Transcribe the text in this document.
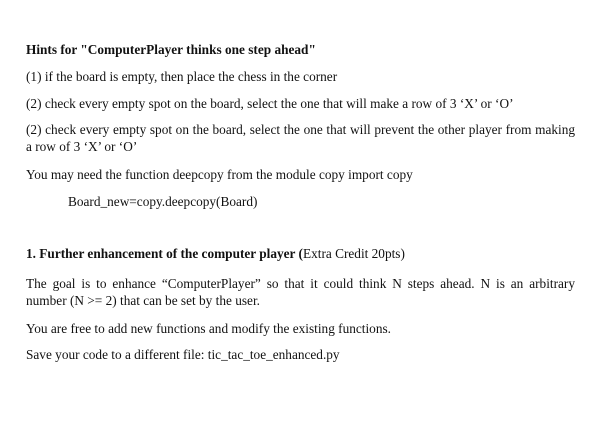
Hints for "ComputerPlayer thinks one step ahead"
(1) if the board is empty, then place the chess in the corner
(2) check every empty spot on the board, select the one that will make a row of 3 ‘X’ or ‘O’
(2) check every empty spot on the board, select the one that will prevent the other player from making a row of 3 ‘X’ or ‘O’
You may need the function deepcopy from the module copy import copy
Board_new=copy.deepcopy(Board)
1. Further enhancement of the computer player (Extra Credit 20pts)
The goal is to enhance “ComputerPlayer” so that it could think N steps ahead. N is an arbitrary number (N >= 2) that can be set by the user.
You are free to add new functions and modify the existing functions.
Save your code to a different file: tic_tac_toe_enhanced.py
